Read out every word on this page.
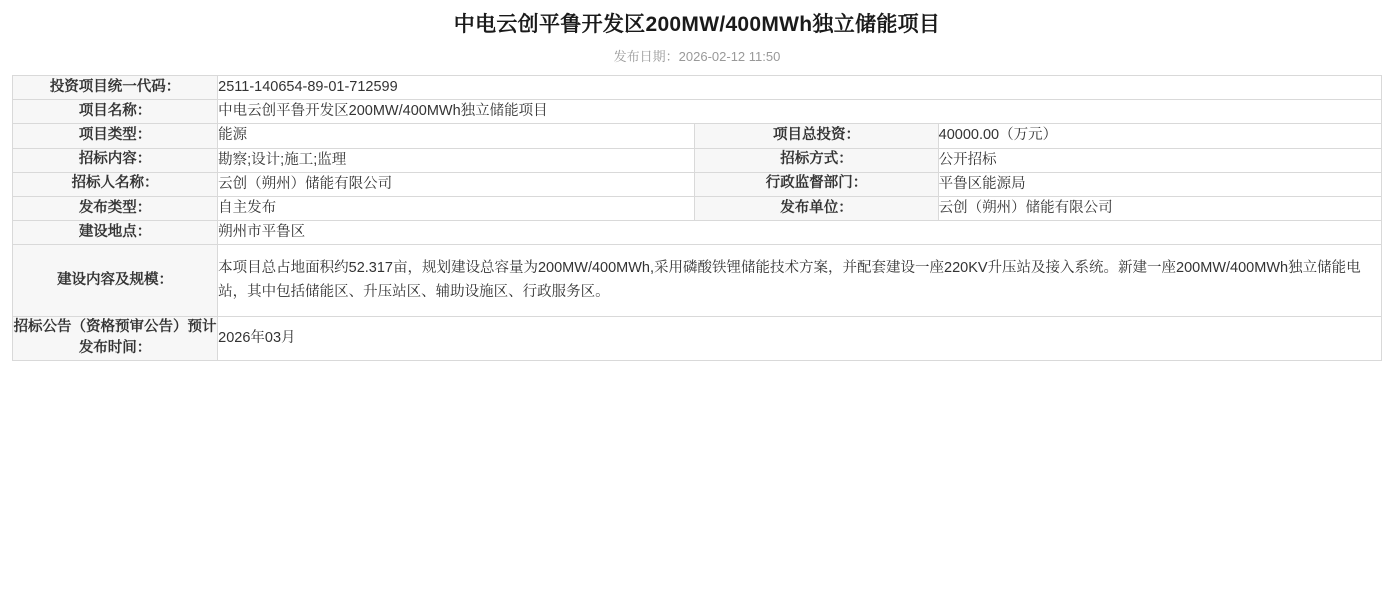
中电云创平鲁开发区200MW/400MWh独立储能项目
发布日期：2026-02-12 11:50
投资项目统一代码：	2511-140654-89-01-712599		
项目名称：	中电云创平鲁开发区200MW/400MWh独立储能项目		
项目类型：	能源	项目总投资：	40000.00（万元）
招标内容：	勘察;设计;施工;监理	招标方式：	公开招标
招标人名称：	云创（朔州）储能有限公司	行政监督部门：	平鲁区能源局
发布类型：	自主发布	发布单位：	云创（朔州）储能有限公司
建设地点：	朔州市平鲁区		
建设内容及规模：	本项目总占地面积约52.317亩，规划建设总容量为200MW/400MWh,采用磷酸铁锂储能技术方案，并配套建设一座220KV升压站及接入系统。新建一座200MW/400MWh独立储能电站，其中包括储能区、升压站区、辅助设施区、行政服务区。		
招标公告（资格预审公告）预计发布时间：	2026年03月		
